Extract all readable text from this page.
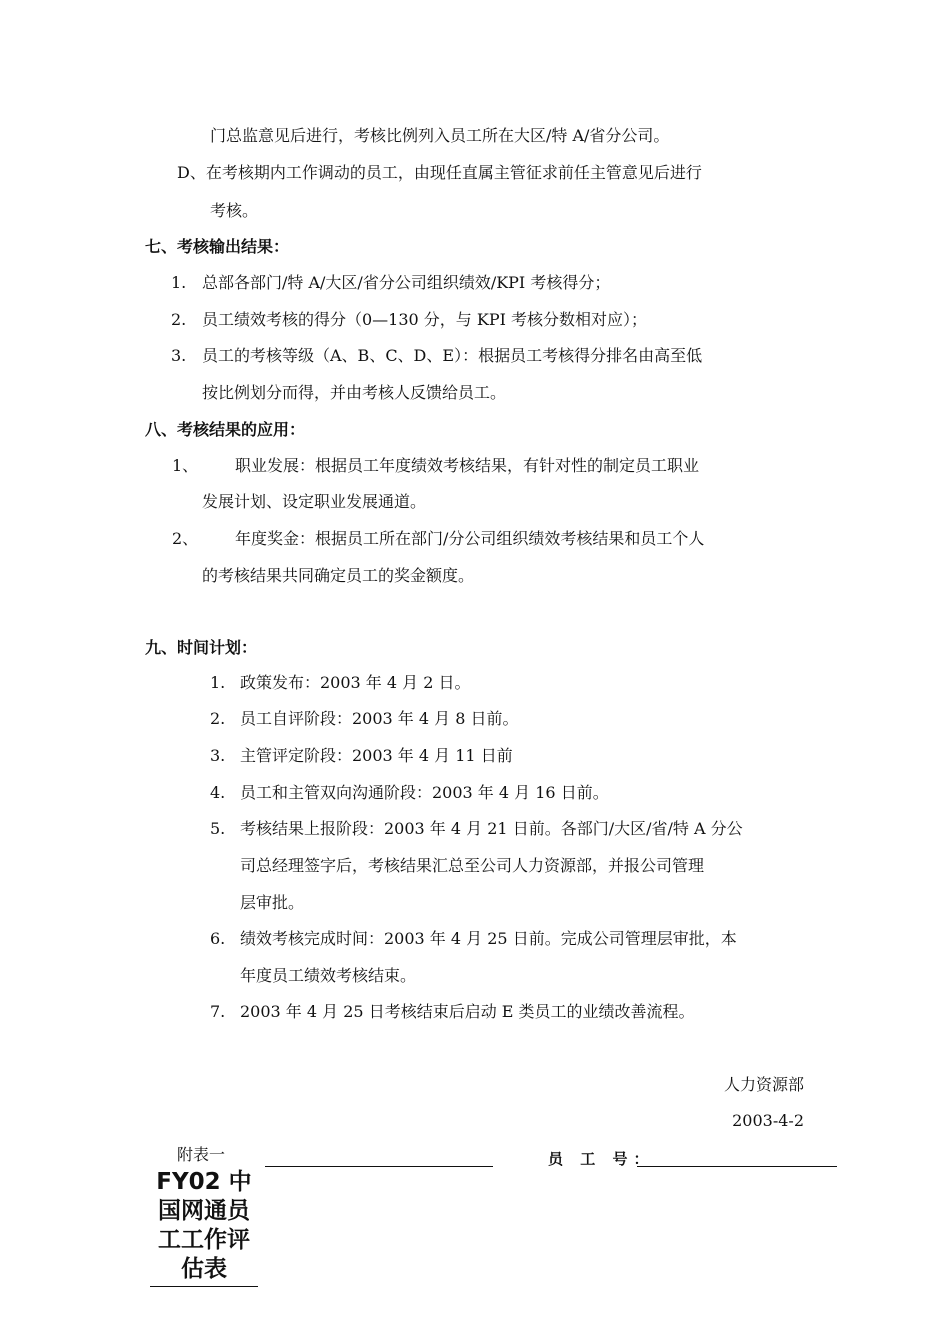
门总监意见后进行，考核比例列入员工所在大区/特 A/省分公司。
D、在考核期内工作调动的员工，由现任直属主管征求前任主管意见后进行
考核。
七、考核输出结果：
1. 总部各部门/特 A/大区/省分公司组织绩效/KPI 考核得分；
2. 员工绩效考核的得分（0—130 分，与 KPI 考核分数相对应）；
3. 员工的考核等级（A、B、C、D、E）：根据员工考核得分排名由高至低
按比例划分而得，并由考核人反馈给员工。
八、考核结果的应用：
1、 职业发展：根据员工年度绩效考核结果，有针对性的制定员工职业
发展计划、设定职业发展通道。
2、 年度奖金：根据员工所在部门/分公司组织绩效考核结果和员工个人
的考核结果共同确定员工的奖金额度。
九、时间计划：
1. 政策发布：2003 年 4 月 2 日。
2. 员工自评阶段：2003 年 4 月 8 日前。
3. 主管评定阶段：2003 年 4 月 11 日前
4. 员工和主管双向沟通阶段：2003 年 4 月 16 日前。
5. 考核结果上报阶段：2003 年 4 月 21 日前。各部门/大区/省/特 A 分公
司总经理签字后，考核结果汇总至公司人力资源部，并报公司管理
层审批。
6. 绩效考核完成时间：2003 年 4 月 25 日前。完成公司管理层审批，本
年度员工绩效考核结束。
7. 2003 年 4 月 25 日考核结束后启动 E 类员工的业绩改善流程。
人力资源部
2003-4-2
附表一	员 工 号：
FY02 中
国网通员
工工作评
估表
